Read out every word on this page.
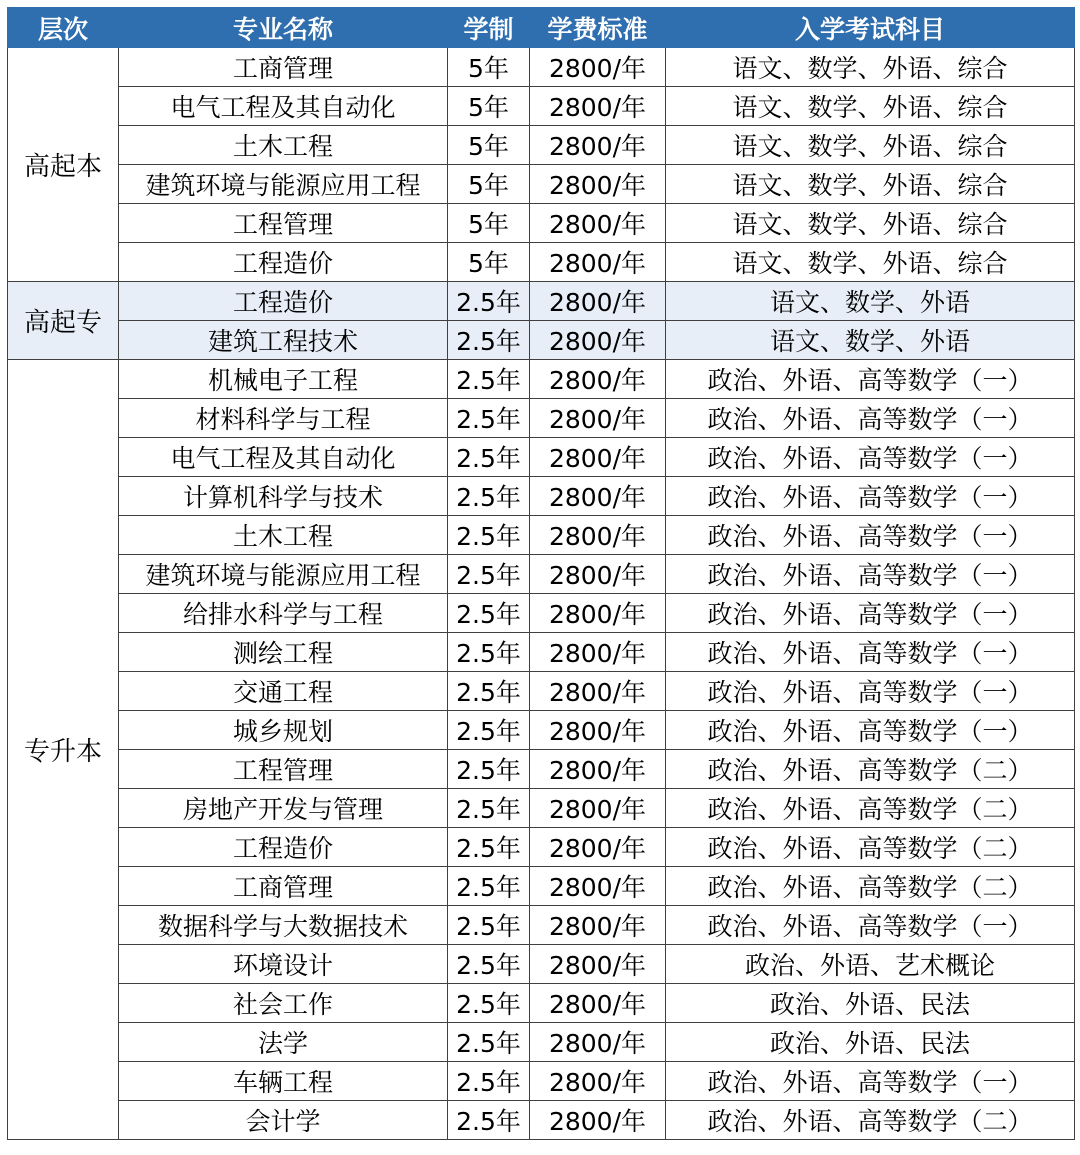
层次	专业名称	学制	学费标准	入学考试科目
高起本	工商管理	5年	2800/年	语文、数学、外语、综合
	电气工程及其自动化	5年	2800/年	语文、数学、外语、综合
	土木工程	5年	2800/年	语文、数学、外语、综合
	建筑环境与能源应用工程	5年	2800/年	语文、数学、外语、综合
	工程管理	5年	2800/年	语文、数学、外语、综合
	工程造价	5年	2800/年	语文、数学、外语、综合
高起专	工程造价	2.5年	2800/年	语文、数学、外语
	建筑工程技术	2.5年	2800/年	语文、数学、外语
专升本	机械电子工程	2.5年	2800/年	政治、外语、高等数学（一）
	材料科学与工程	2.5年	2800/年	政治、外语、高等数学（一）
	电气工程及其自动化	2.5年	2800/年	政治、外语、高等数学（一）
	计算机科学与技术	2.5年	2800/年	政治、外语、高等数学（一）
	土木工程	2.5年	2800/年	政治、外语、高等数学（一）
	建筑环境与能源应用工程	2.5年	2800/年	政治、外语、高等数学（一）
	给排水科学与工程	2.5年	2800/年	政治、外语、高等数学（一）
	测绘工程	2.5年	2800/年	政治、外语、高等数学（一）
	交通工程	2.5年	2800/年	政治、外语、高等数学（一）
	城乡规划	2.5年	2800/年	政治、外语、高等数学（一）
	工程管理	2.5年	2800/年	政治、外语、高等数学（二）
	房地产开发与管理	2.5年	2800/年	政治、外语、高等数学（二）
	工程造价	2.5年	2800/年	政治、外语、高等数学（二）
	工商管理	2.5年	2800/年	政治、外语、高等数学（二）
	数据科学与大数据技术	2.5年	2800/年	政治、外语、高等数学（一）
	环境设计	2.5年	2800/年	政治、外语、艺术概论
	社会工作	2.5年	2800/年	政治、外语、民法
	法学	2.5年	2800/年	政治、外语、民法
	车辆工程	2.5年	2800/年	政治、外语、高等数学（一）
	会计学	2.5年	2800/年	政治、外语、高等数学（二）
